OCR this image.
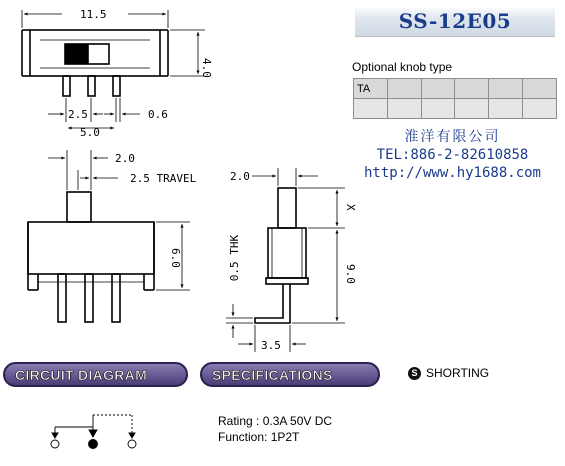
11.5
4.0
2.5	0.6
5.0
2.0
2.5 TRAVEL
6.0
2.0
X
0.5 THK	9.0
3.5
SS-12E05
Optional knob type
TA					

淮洋有限公司
TEL:886-2-82610858
http://www.hy1688.com
CIRCUIT DIAGRAM	SPECIFICATIONS	S SHORTING
Rating : 0.3A 50V DC
Function: 1P2T
